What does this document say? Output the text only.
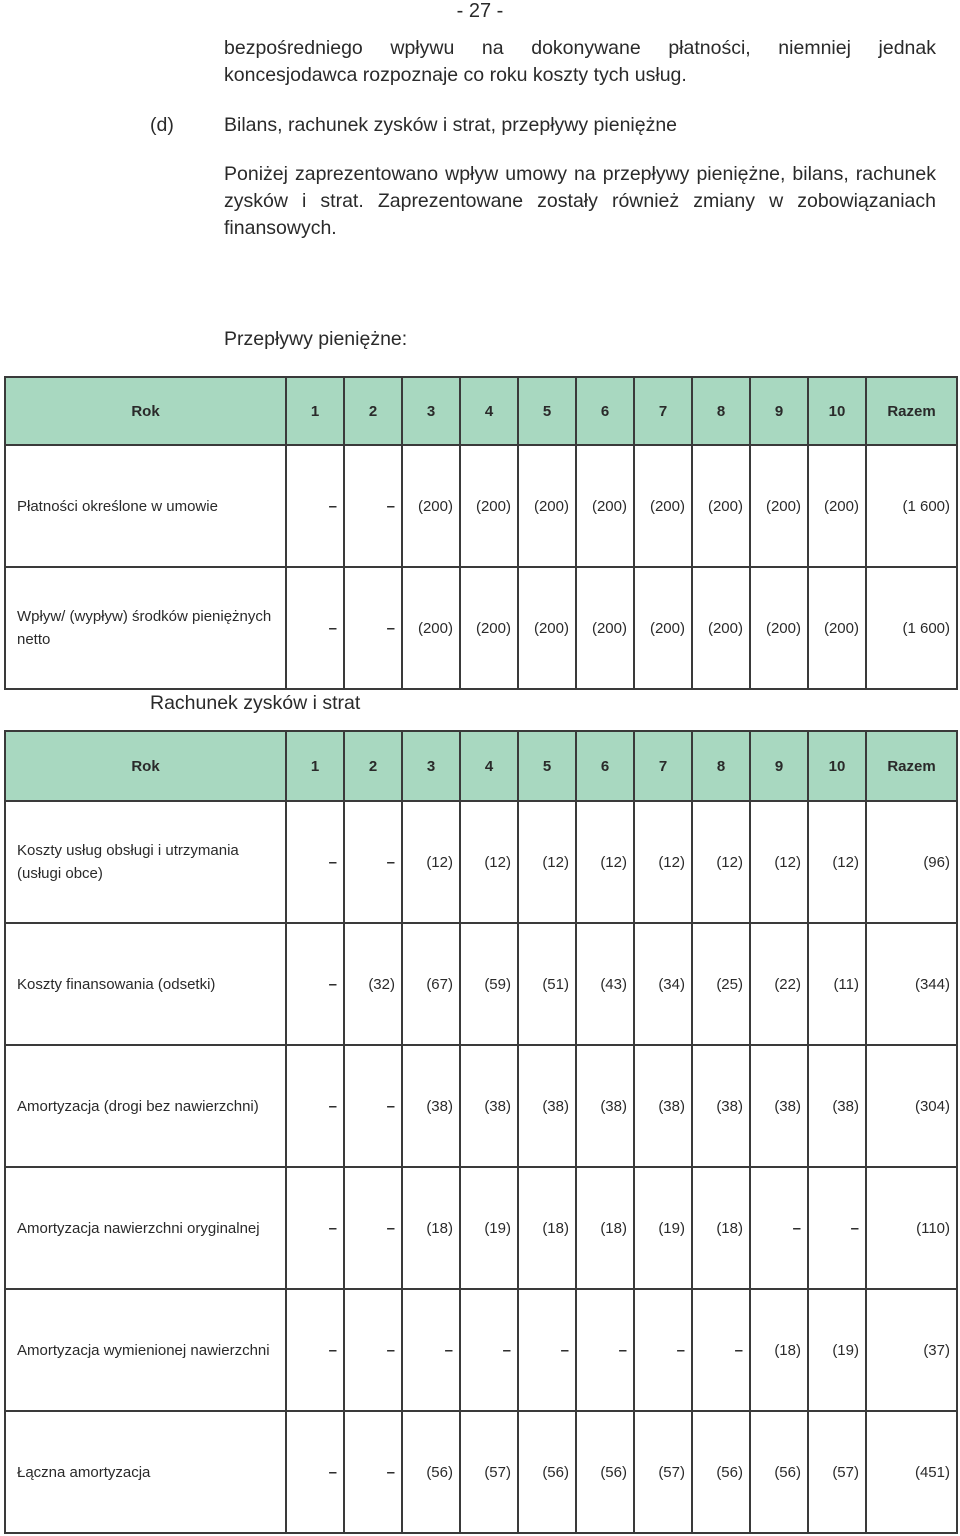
- 27 -
bezpośredniego wpływu na dokonywane płatności, niemniej jednak koncesjodawca rozpoznaje co roku koszty tych usług.
(d)	Bilans, rachunek zysków i strat, przepływy pieniężne
Poniżej zaprezentowano wpływ umowy na przepływy pieniężne, bilans, rachunek zysków i strat. Zaprezentowane zostały również zmiany w zobowiązaniach finansowych.
Przepływy pieniężne:
Rok	1	2	3	4	5	6	7	8	9	10	Razem
Płatności określone w umowie	–	–	(200)	(200)	(200)	(200)	(200)	(200)	(200)	(200)	(1 600)
Wpływ/ (wypływ) środków pieniężnych netto	–	–	(200)	(200)	(200)	(200)	(200)	(200)	(200)	(200)	(1 600)
Rachunek zysków i strat
Rok	1	2	3	4	5	6	7	8	9	10	Razem
Koszty usług obsługi i utrzymania (usługi obce)	–	–	(12)	(12)	(12)	(12)	(12)	(12)	(12)	(12)	(96)
Koszty finansowania (odsetki)	–	(32)	(67)	(59)	(51)	(43)	(34)	(25)	(22)	(11)	(344)
Amortyzacja (drogi bez nawierzchni)	–	–	(38)	(38)	(38)	(38)	(38)	(38)	(38)	(38)	(304)
Amortyzacja nawierzchni oryginalnej	–	–	(18)	(19)	(18)	(18)	(19)	(18)	–	–	(110)
Amortyzacja wymienionej nawierzchni	–	–	–	–	–	–	–	–	(18)	(19)	(37)
Łączna amortyzacja	–	–	(56)	(57)	(56)	(56)	(57)	(56)	(56)	(57)	(451)
